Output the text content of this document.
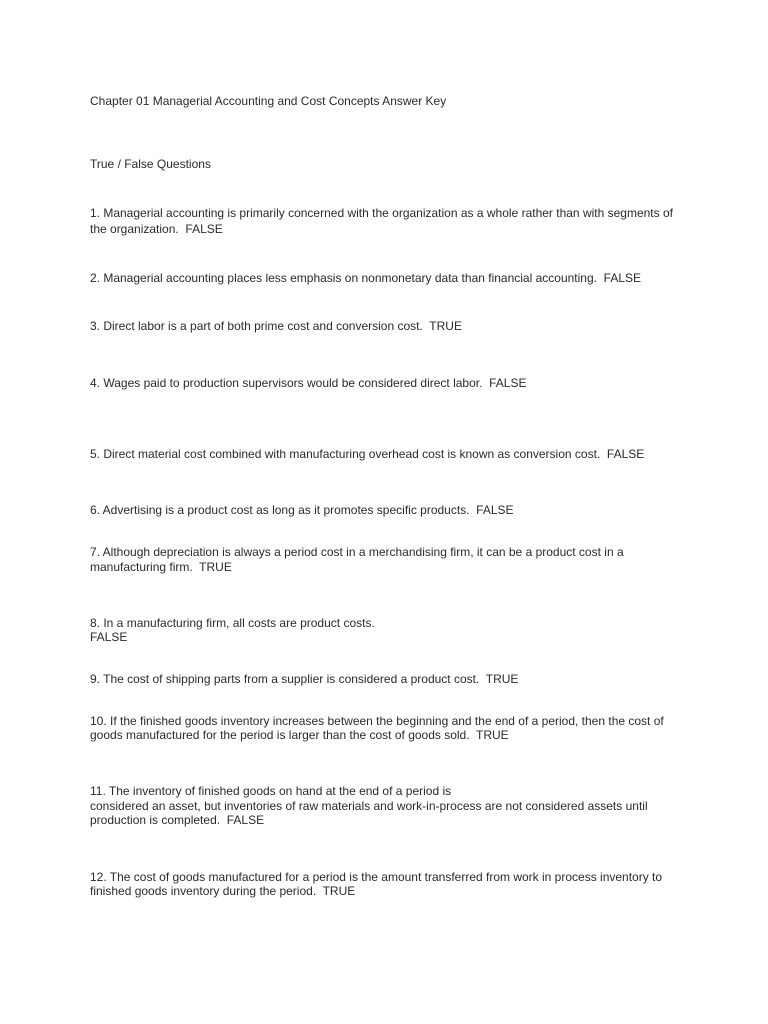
Chapter 01 Managerial Accounting and Cost Concepts Answer Key
True / False Questions
1. Managerial accounting is primarily concerned with the organization as a whole rather than with segments of
the organization.  FALSE
2. Managerial accounting places less emphasis on nonmonetary data than financial accounting.  FALSE
3. Direct labor is a part of both prime cost and conversion cost.  TRUE
4. Wages paid to production supervisors would be considered direct labor.  FALSE
5. Direct material cost combined with manufacturing overhead cost is known as conversion cost.  FALSE
6. Advertising is a product cost as long as it promotes specific products.  FALSE
7. Although depreciation is always a period cost in a merchandising firm, it can be a product cost in a
manufacturing firm.  TRUE
8. In a manufacturing firm, all costs are product costs.
FALSE
9. The cost of shipping parts from a supplier is considered a product cost.  TRUE
10. If the finished goods inventory increases between the beginning and the end of a period, then the cost of
goods manufactured for the period is larger than the cost of goods sold.  TRUE
11. The inventory of finished goods on hand at the end of a period is
considered an asset, but inventories of raw materials and work-in-process are not considered assets until
production is completed.  FALSE
12. The cost of goods manufactured for a period is the amount transferred from work in process inventory to
finished goods inventory during the period.  TRUE
